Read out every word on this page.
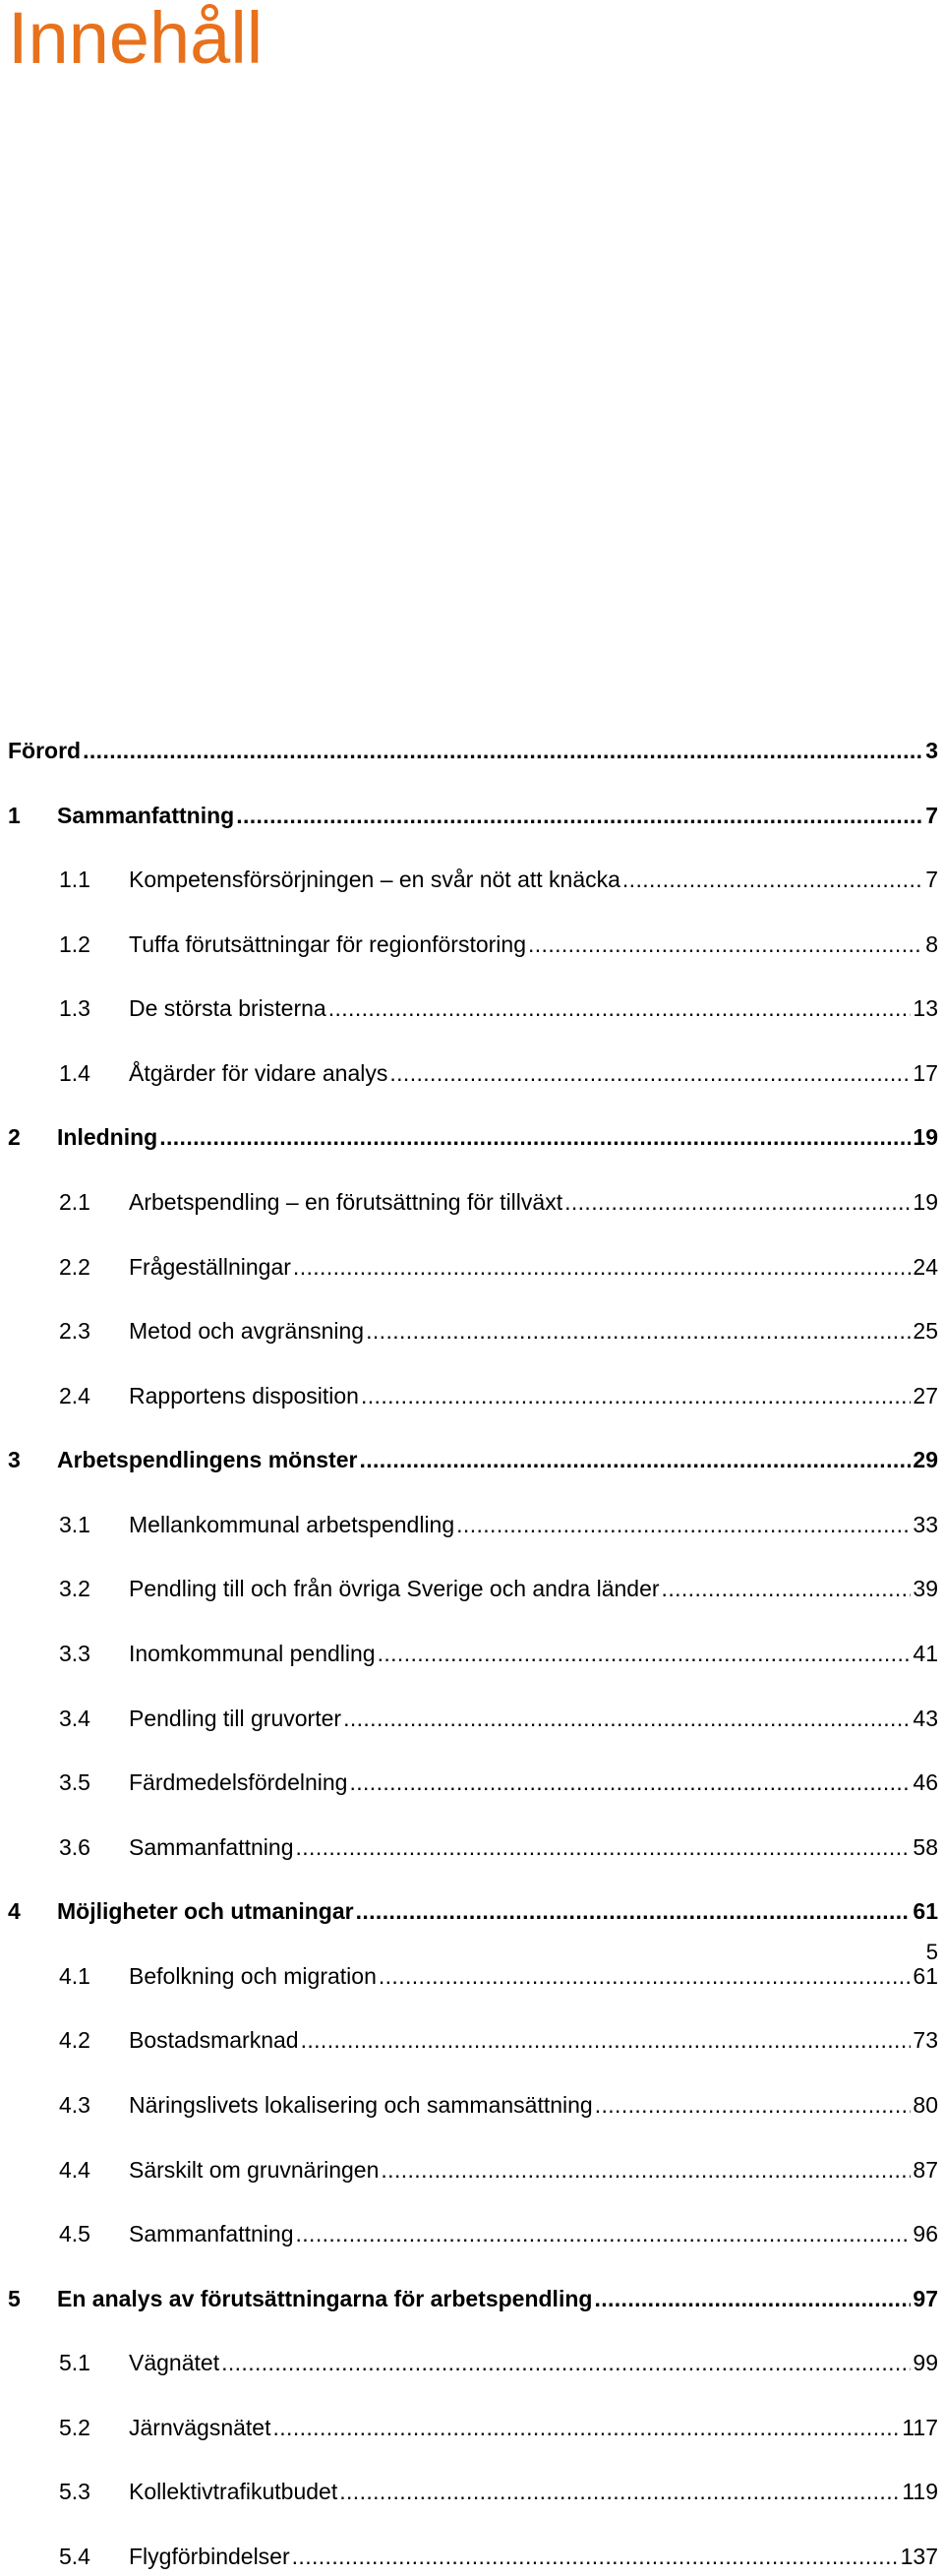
Innehåll
Förord . . .	3
1 Sammanfattning . . .	7
1.1 Kompetensförsörjningen – en svår nöt att knäcka . . .	7
1.2 Tuffa förutsättningar för regionförstoring . . .	8
1.3 De största bristerna . . .	13
1.4 Åtgärder för vidare analys . . .	17
2 Inledning . . .	19
2.1 Arbetspendling – en förutsättning för tillväxt . . .	19
2.2 Frågeställningar . . .	24
2.3 Metod och avgränsning . . .	25
2.4 Rapportens disposition . . .	27
3 Arbetspendlingens mönster . . .	29
3.1 Mellankommunal arbetspendling . . .	33
3.2 Pendling till och från övriga Sverige och andra länder . . .	39
3.3 Inomkommunal pendling . . .	41
3.4 Pendling till gruvorter . . .	43
3.5 Färdmedelsfördelning . . .	46
3.6 Sammanfattning . . .	58
4 Möjligheter och utmaningar . . .	61
4.1 Befolkning och migration . . .	61
4.2 Bostadsmarknad . . .	73
4.3 Näringslivets lokalisering och sammansättning . . .	80
4.4 Särskilt om gruvnäringen . . .	87
4.5 Sammanfattning . . .	96
5 En analys av förutsättningarna för arbetspendling . . .	97
5.1 Vägnätet . . .	99
5.2 Järnvägsnätet . . .	117
5.3 Kollektivtrafikutbudet . . .	119
5.4 Flygförbindelser . . .	137
5
